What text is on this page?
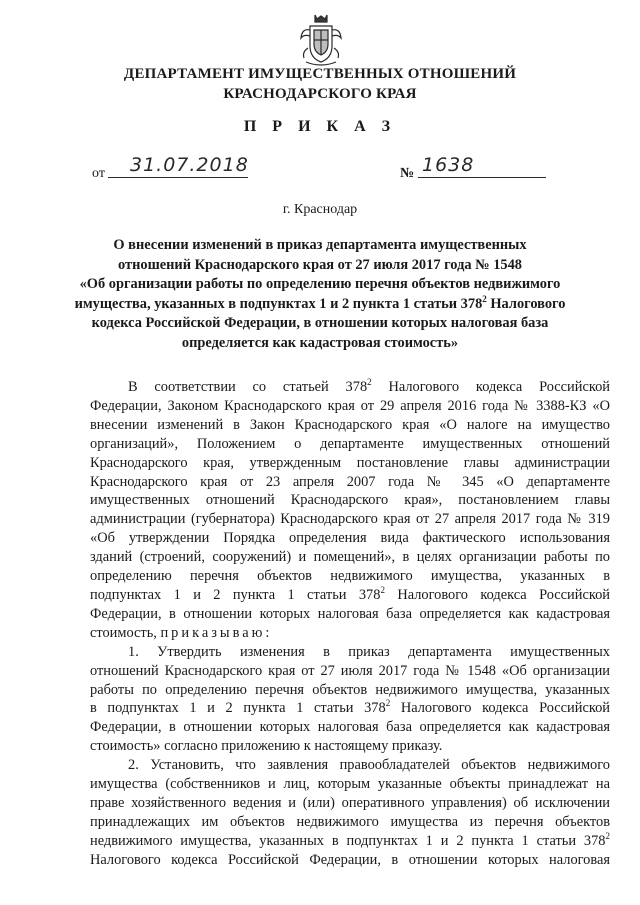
ДЕПАРТАМЕНТ ИМУЩЕСТВЕННЫХ ОТНОШЕНИЙ
КРАСНОДАРСКОГО КРАЯ
П Р И К А З
от 31.07.2018	№ 1638
г. Краснодар
О внесении изменений в приказ департамента имущественных
отношений Краснодарского края от 27 июля 2017 года № 1548
«Об организации работы по определению перечня объектов недвижимого
имущества, указанных в подпунктах 1 и 2 пункта 1 статьи $378^2$ Налогового
кодекса Российской Федерации, в отношении которых налоговая база
определяется как кадастровая стоимость»
В соответствии со статьей $378^2$ Налогового кодекса Российской
Федерации, Законом Краснодарского края от 29 апреля 2016 года № 3388-КЗ «О
внесении изменений в Закон Краснодарского края «О налоге на имущество
организаций», Положением о департаменте имущественных отношений
Краснодарского края, утвержденным постановление главы администрации
Краснодарского края от 23 апреля 2007 года № 345 «О департаменте
имущественных отношений Краснодарского края», постановлением главы
администрации (губернатора) Краснодарского края от 27 апреля 2017 года № 319
«Об утверждении Порядка определения вида фактического использования
зданий (строений, сооружений) и помещений», в целях организации работы по
определению перечня объектов недвижимого имущества, указанных в
подпунктах 1 и 2 пункта 1 статьи $378^2$ Налогового кодекса Российской
Федерации, в отношении которых налоговая база определяется как кадастровая
стоимость, приказываю:
1. Утвердить изменения в приказ департамента имущественных
отношений Краснодарского края от 27 июля 2017 года № 1548 «Об организации
работы по определению перечня объектов недвижимого имущества, указанных
в подпунктах 1 и 2 пункта 1 статьи $378^2$ Налогового кодекса Российской
Федерации, в отношении которых налоговая база определяется как кадастровая
стоимость» согласно приложению к настоящему приказу.
2. Установить, что заявления правообладателей объектов недвижимого
имущества (собственников и лиц, которым указанные объекты принадлежат на
праве хозяйственного ведения и (или) оперативного управления) об исключении
принадлежащих им объектов недвижимого имущества из перечня объектов
недвижимого имущества, указанных в подпунктах 1 и 2 пункта 1 статьи $378^2$
Налогового кодекса Российской Федерации, в отношении которых налоговая
